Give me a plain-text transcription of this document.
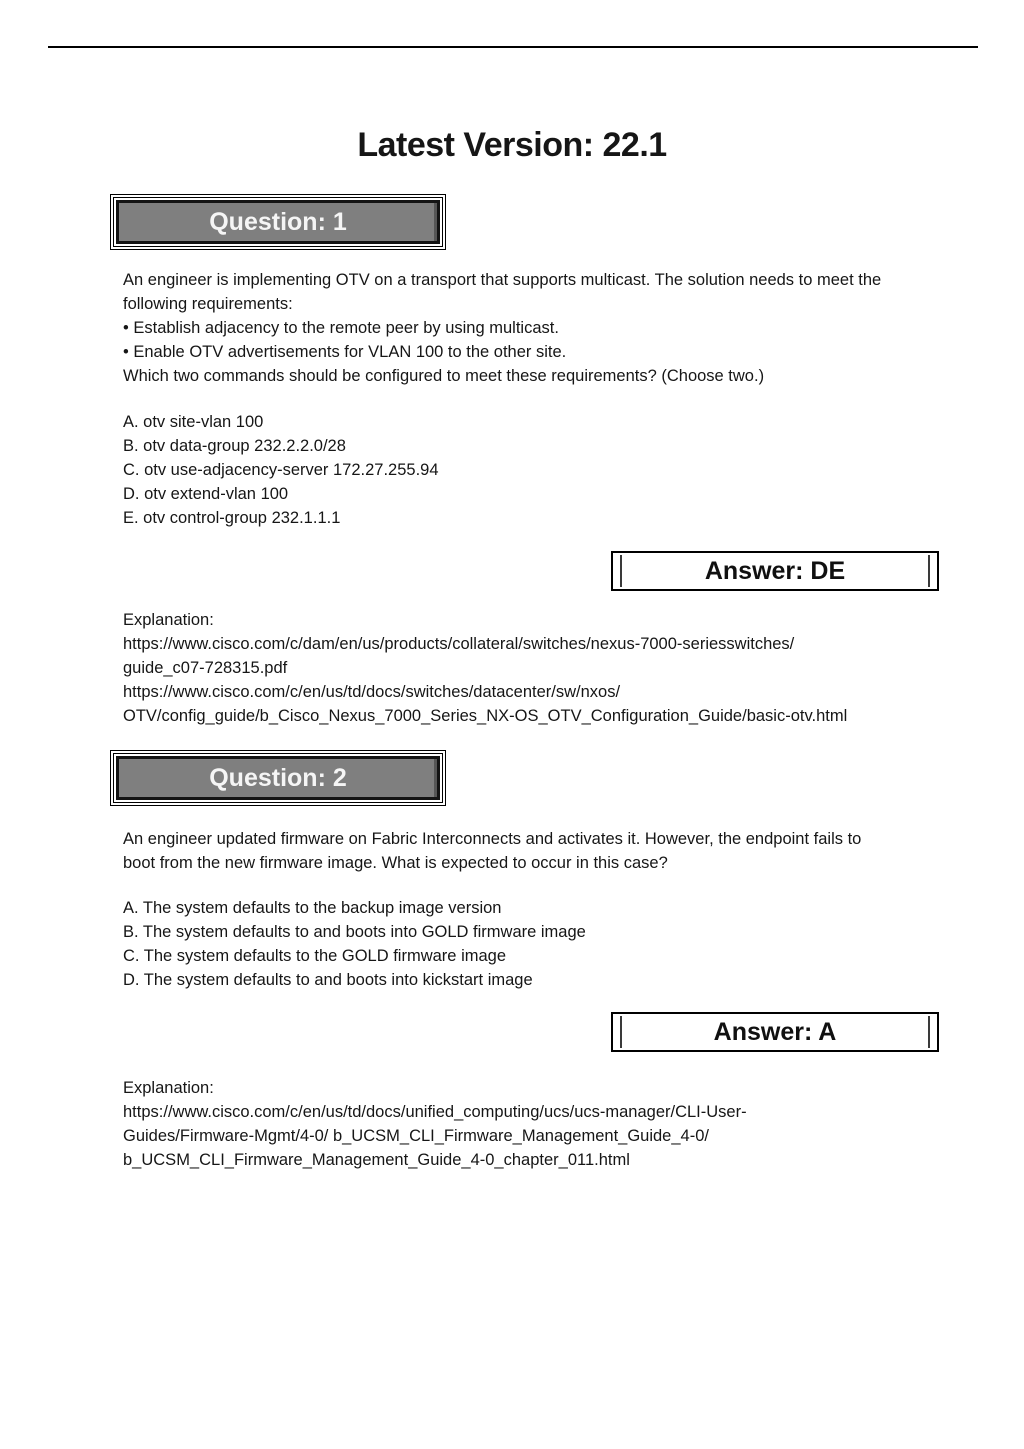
Latest Version: 22.1
Question: 1
An engineer is implementing OTV on a transport that supports multicast. The solution needs to meet the
following requirements:
• Establish adjacency to the remote peer by using multicast.
• Enable OTV advertisements for VLAN 100 to the other site.
Which two commands should be configured to meet these requirements? (Choose two.)
A. otv site-vlan 100
B. otv data-group 232.2.2.0/28
C. otv use-adjacency-server 172.27.255.94
D. otv extend-vlan 100
E. otv control-group 232.1.1.1
Answer: DE
Explanation:
https://www.cisco.com/c/dam/en/us/products/collateral/switches/nexus-7000-seriesswitches/
guide_c07-728315.pdf
https://www.cisco.com/c/en/us/td/docs/switches/datacenter/sw/nxos/
OTV/config_guide/b_Cisco_Nexus_7000_Series_NX-OS_OTV_Configuration_Guide/basic-otv.html
Question: 2
An engineer updated firmware on Fabric Interconnects and activates it. However, the endpoint fails to
boot from the new firmware image. What is expected to occur in this case?
A. The system defaults to the backup image version
B. The system defaults to and boots into GOLD firmware image
C. The system defaults to the GOLD firmware image
D. The system defaults to and boots into kickstart image
Answer: A
Explanation:
https://www.cisco.com/c/en/us/td/docs/unified_computing/ucs/ucs-manager/CLI-User-
Guides/Firmware-Mgmt/4-0/ b_UCSM_CLI_Firmware_Management_Guide_4-0/
b_UCSM_CLI_Firmware_Management_Guide_4-0_chapter_011.html
